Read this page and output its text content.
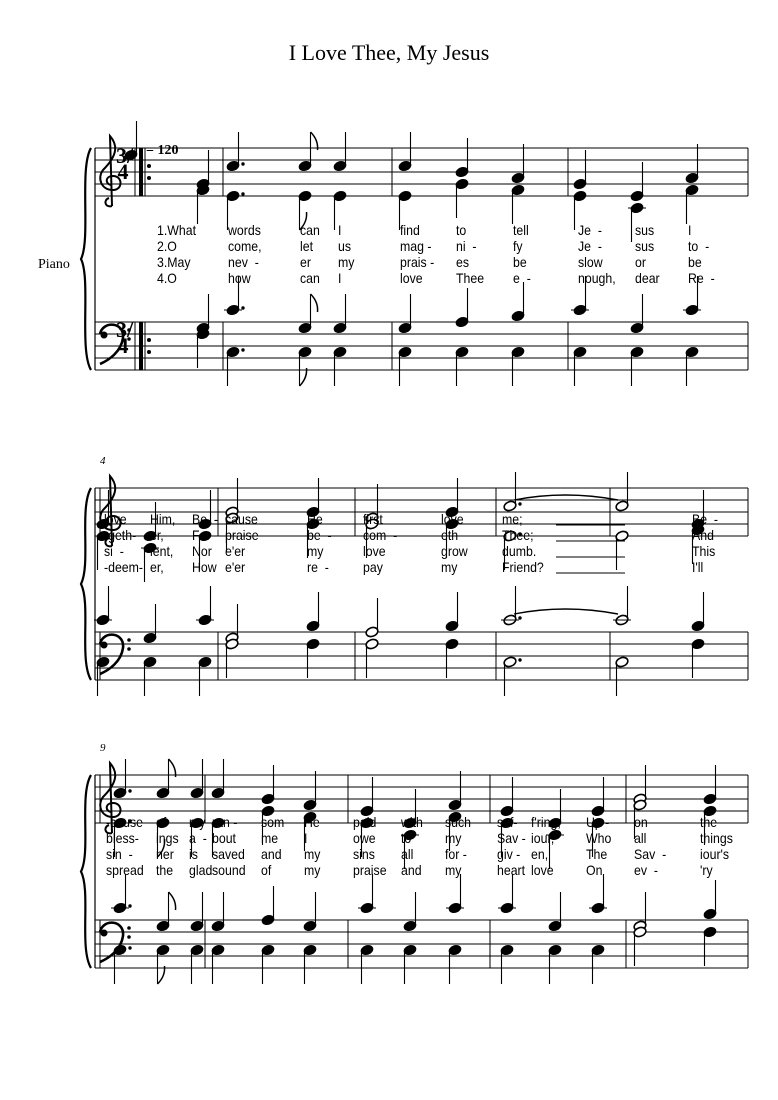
I Love Thee, My Jesus
Piano
= 120
4
9
3/4
3/4
1.What words	can I	find	to	tell	Je  - sus I
2.O	come,	let us	mag - ni  -	fy	Je  - sus to  -
3.May	nev  -	er my	prais - es	be	slow or	be
4.O	how	can I	love Thee e  -	nough, dear Re  -
love Him, Be  - cause	He	first	love	me;	Be  -
-geth- er, For praise	be  - com  -	eth	Thee;	And
si  - lent, Nor e'er	my	love	grow dumb.	This
-deem- er, How e'er	re  - pay	my	Friend?	I'll
-cause of my ran - som He paid with such suf- f'ring, Up - on	the
bless- ings a  - bout me I	owe to my	Sav - iour, Who all	things
sin  - ner is saved and my sins all for - giv - en,	The Sav  - iour's
spread the glad sound of my praise and my	heart love On ev  -	'ry
